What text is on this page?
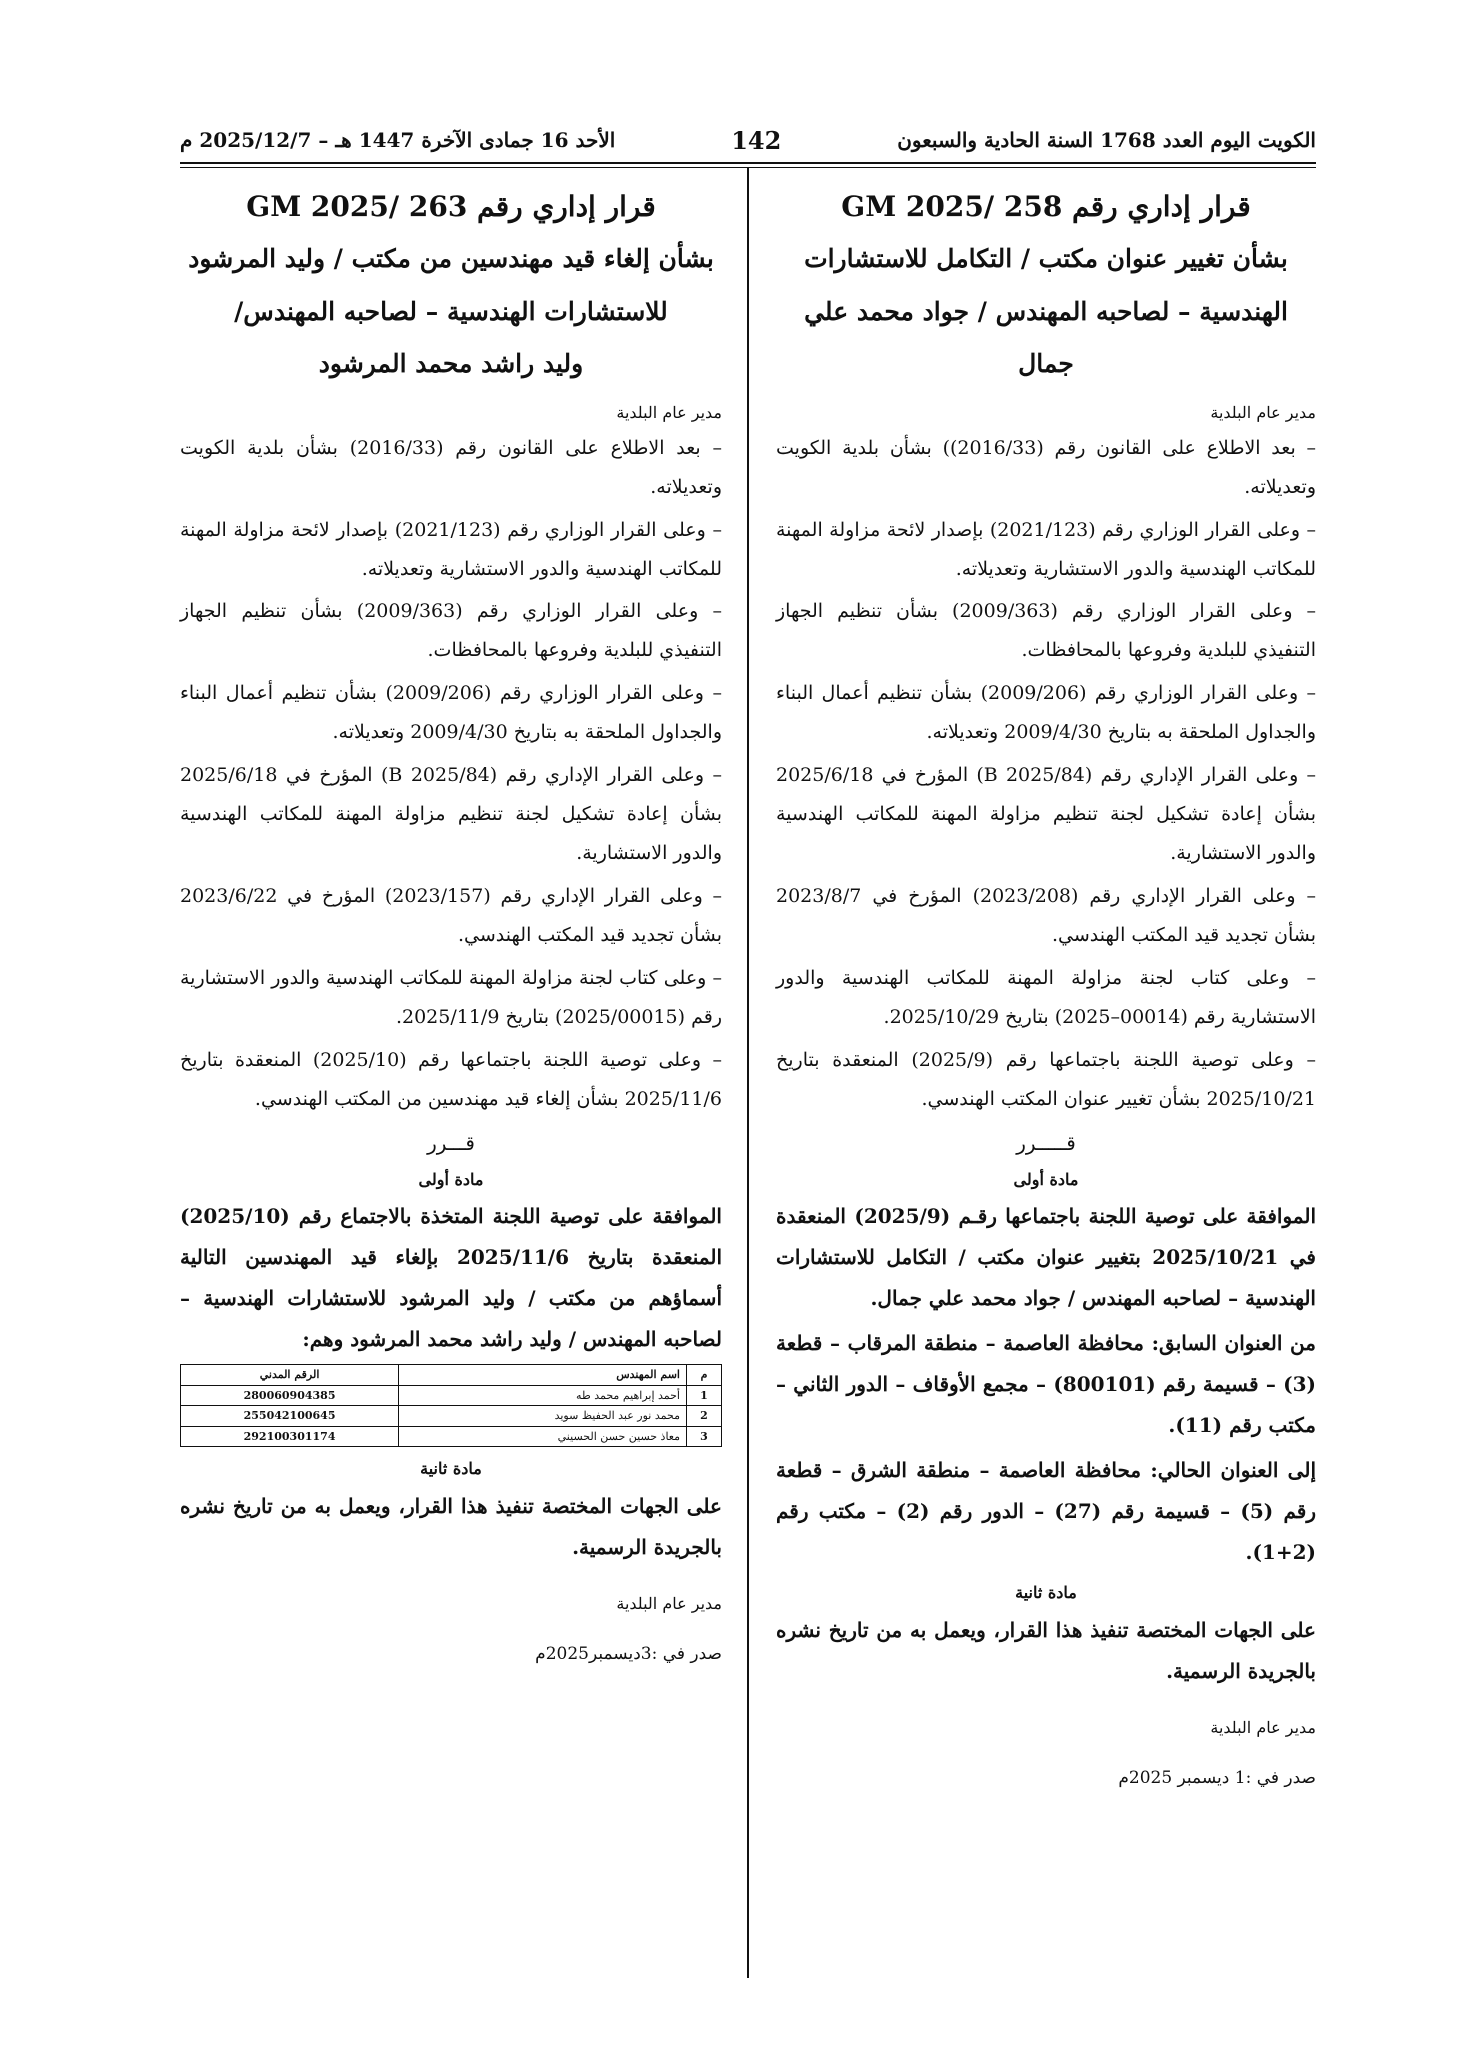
الأحد 16 جمادى الآخرة 1447 هـ – 2025/12/7 م	142	الكويت اليوم العدد 1768 السنة الحادية والسبعون

قرار إداري رقم 258 /GM 2025

بشأن تغيير عنوان مكتب / التكامل للاستشارات

الهندسية – لصاحبه المهندس / جواد محمد علي جمال

مدير عام البلدية

– بعد الاطلاع على القانون رقم (2016/33)) بشأن بلدية الكويت وتعديلاته.

– وعلى القرار الوزاري رقم (2021/123) بإصدار لائحة مزاولة المهنة للمكاتب الهندسية والدور الاستشارية وتعديلاته.

– وعلى القرار الوزاري رقم (2009/363) بشأن تنظيم الجهاز التنفيذي للبلدية وفروعها بالمحافظات.

– وعلى القرار الوزاري رقم (2009/206) بشأن تنظيم أعمال البناء والجداول الملحقة به بتاريخ 2009/4/30 وتعديلاته.

– وعلى القرار الإداري رقم (B 2025/84) المؤرخ في 2025/6/18 بشأن إعادة تشكيل لجنة تنظيم مزاولة المهنة للمكاتب الهندسية والدور الاستشارية.

– وعلى القرار الإداري رقم (2023/208) المؤرخ في 2023/8/7 بشأن تجديد قيد المكتب الهندسي.

– وعلى كتاب لجنة مزاولة المهنة للمكاتب الهندسية والدور الاستشارية رقم (00014–2025) بتاريخ 2025/10/29.

– وعلى توصية اللجنة باجتماعها رقم (2025/9) المنعقدة بتاريخ 2025/10/21 بشأن تغيير عنوان المكتب الهندسي.

قـــــرر

مادة أولى

الموافقة على توصية اللجنة باجتماعها رقـم (2025/9) المنعقدة في 2025/10/21 بتغيير عنوان مكتب / التكامل للاستشارات الهندسية – لصاحبه المهندس / جواد محمد علي جمال.

من العنوان السابق: محافظة العاصمة – منطقة المرقاب – قطعة (3) – قسيمة رقم (800101) – مجمع الأوقاف – الدور الثاني – مكتب رقم (11).

إلى العنوان الحالي: محافظة العاصمة – منطقة الشرق – قطعة رقم (5) – قسيمة رقم (27) – الدور رقم (2) – مكتب رقم (2+1).

مادة ثانية

على الجهات المختصة تنفيذ هذا القرار، ويعمل به من تاريخ نشره بالجريدة الرسمية.

مدير عام البلدية

صدر في :1 ديسمبر 2025م

قرار إداري رقم 263 /GM 2025

بشأن إلغاء قيد مهندسين من مكتب / وليد المرشود

للاستشارات الهندسية – لصاحبه المهندس/

وليد راشد محمد المرشود

مدير عام البلدية

– بعد الاطلاع على القانون رقم (2016/33) بشأن بلدية الكويت وتعديلاته.

– وعلى القرار الوزاري رقم (2021/123) بإصدار لائحة مزاولة المهنة للمكاتب الهندسية والدور الاستشارية وتعديلاته.

– وعلى القرار الوزاري رقم (2009/363) بشأن تنظيم الجهاز التنفيذي للبلدية وفروعها بالمحافظات.

– وعلى القرار الوزاري رقم (2009/206) بشأن تنظيم أعمال البناء والجداول الملحقة به بتاريخ 2009/4/30 وتعديلاته.

– وعلى القرار الإداري رقم (B 2025/84) المؤرخ في 2025/6/18 بشأن إعادة تشكيل لجنة تنظيم مزاولة المهنة للمكاتب الهندسية والدور الاستشارية.

– وعلى القرار الإداري رقم (2023/157) المؤرخ في 2023/6/22 بشأن تجديد قيد المكتب الهندسي.

– وعلى كتاب لجنة مزاولة المهنة للمكاتب الهندسية والدور الاستشارية رقم (2025/00015) بتاريخ 2025/11/9.

– وعلى توصية اللجنة باجتماعها رقم (2025/10) المنعقدة بتاريخ 2025/11/6 بشأن إلغاء قيد مهندسين من المكتب الهندسي.

قـــرر

مادة أولى

الموافقة على توصية اللجنة المتخذة بالاجتماع رقم (2025/10) المنعقدة بتاريخ 2025/11/6 بإلغاء قيد المهندسين التالية أسماؤهم من مكتب / وليد المرشود للاستشارات الهندسية – لصاحبه المهندس / وليد راشد محمد المرشود وهم:

م	اسم المهندس	الرقم المدني
1	أحمد إبراهيم محمد طه	280060904385
2	محمد نور عبد الحفيظ سويد	255042100645
3	معاذ حسين حسن الحسيني	292100301174

مادة ثانية

على الجهات المختصة تنفيذ هذا القرار، ويعمل به من تاريخ نشره بالجريدة الرسمية.

مدير عام البلدية

صدر في :3ديسمبر2025م
